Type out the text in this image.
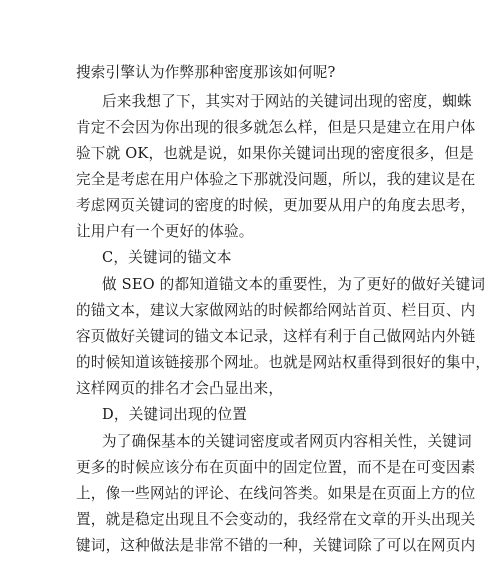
搜索引擎认为作弊那种密度那该如何呢?
后来我想了下，其实对于网站的关键词出现的密度，蜘蛛
肯定不会因为你出现的很多就怎么样，但是只是建立在用户体
验下就 OK，也就是说，如果你关键词出现的密度很多，但是
完全是考虑在用户体验之下那就没问题，所以，我的建议是在
考虑网页关键词的密度的时候，更加要从用户的角度去思考，
让用户有一个更好的体验。
C，关键词的锚文本
做 SEO 的都知道锚文本的重要性，为了更好的做好关键词
的锚文本，建议大家做网站的时候都给网站首页、栏目页、内
容页做好关键词的锚文本记录，这样有利于自己做网站内外链
的时候知道该链接那个网址。也就是网站权重得到很好的集中，
这样网页的排名才会凸显出来，
D，关键词出现的位置
为了确保基本的关键词密度或者网页内容相关性，关键词
更多的时候应该分布在页面中的固定位置，而不是在可变因素
上，像一些网站的评论、在线问答类。如果是在页面上方的位
置，就是稳定出现且不会变动的，我经常在文章的开头出现关
键词，这种做法是非常不错的一种，关键词除了可以在网页内
